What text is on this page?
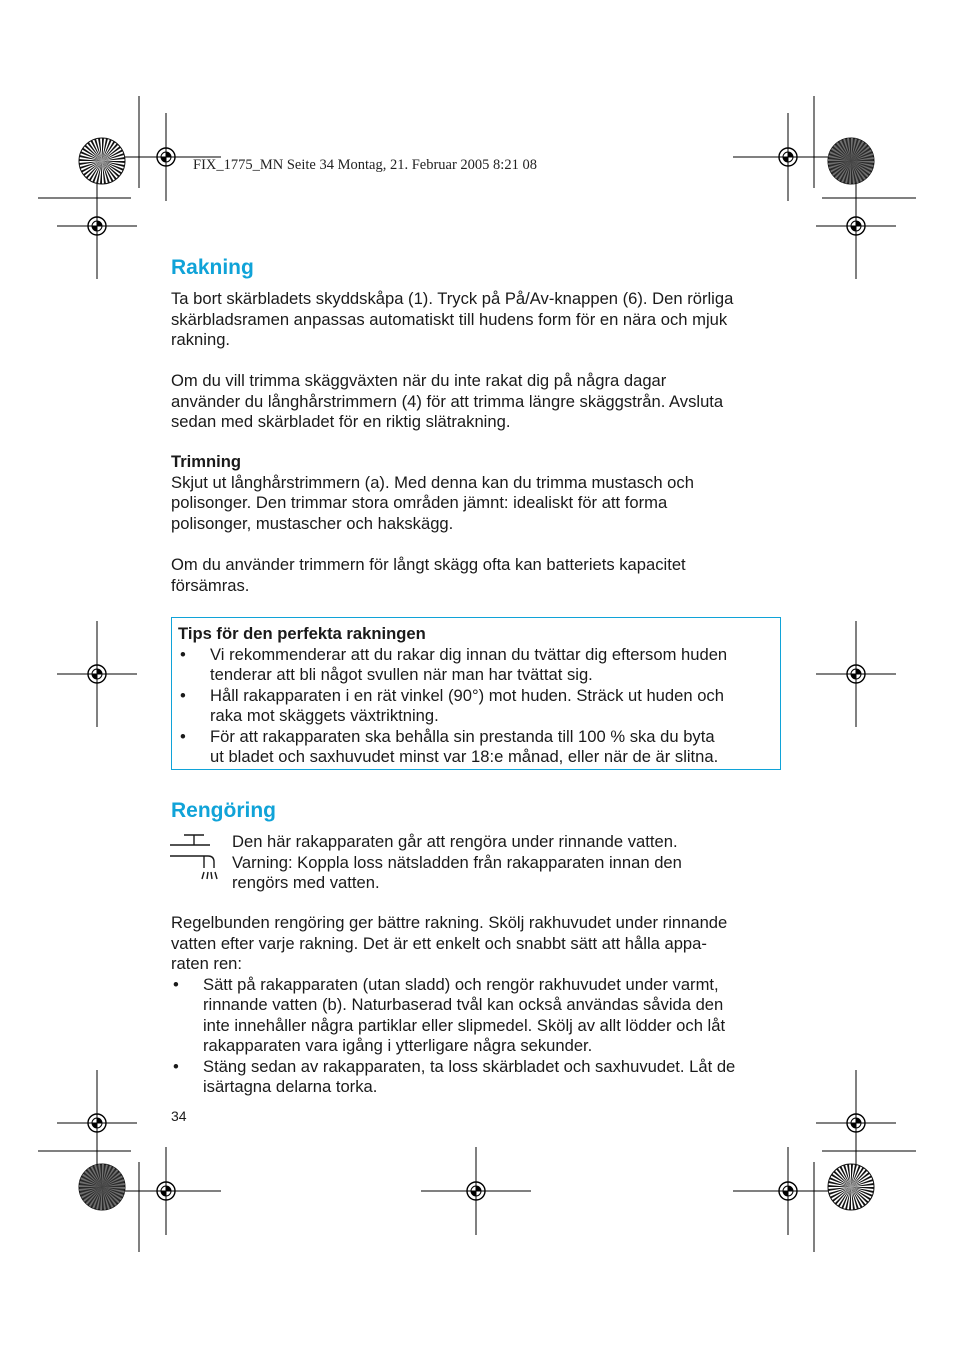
FIX_1775_MN Seite 34 Montag, 21. Februar 2005 8:21 08
Rakning
Ta bort skärbladets skyddskåpa (1). Tryck på På/Av-knappen (6). Den rörliga
skärbladsramen anpassas automatiskt till hudens form för en nära och mjuk
rakning.
Om du vill trimma skäggväxten när du inte rakat dig på några dagar
använder du långhårstrimmern (4) för att trimma längre skäggstrån. Avsluta
sedan med skärbladet för en riktig slätrakning.
Trimning
Skjut ut långhårstrimmern (a). Med denna kan du trimma mustasch och
polisonger. Den trimmar stora områden jämnt: idealiskt för att forma
polisonger, mustascher och hakskägg.
Om du använder trimmern för långt skägg ofta kan batteriets kapacitet
försämras.
Tips för den perfekta rakningen
• Vi rekommenderar att du rakar dig innan du tvättar dig eftersom huden
tenderar att bli något svullen när man har tvättat sig.
• Håll rakapparaten i en rät vinkel (90°) mot huden. Sträck ut huden och
raka mot skäggets växtriktning.
• För att rakapparaten ska behålla sin prestanda till 100 % ska du byta
ut bladet och saxhuvudet minst var 18:e månad, eller när de är slitna.
Rengöring
Den här rakapparaten går att rengöra under rinnande vatten.
Varning: Koppla loss nätsladden från rakapparaten innan den
rengörs med vatten.
Regelbunden rengöring ger bättre rakning. Skölj rakhuvudet under rinnande
vatten efter varje rakning. Det är ett enkelt och snabbt sätt att hålla appa-
raten ren:
• Sätt på rakapparaten (utan sladd) och rengör rakhuvudet under varmt,
rinnande vatten (b). Naturbaserad tvål kan också användas såvida den
inte innehåller några partiklar eller slipmedel. Skölj av allt lödder och låt
rakapparaten vara igång i ytterligare några sekunder.
• Stäng sedan av rakapparaten, ta loss skärbladet och saxhuvudet. Låt de
isärtagna delarna torka.
34
